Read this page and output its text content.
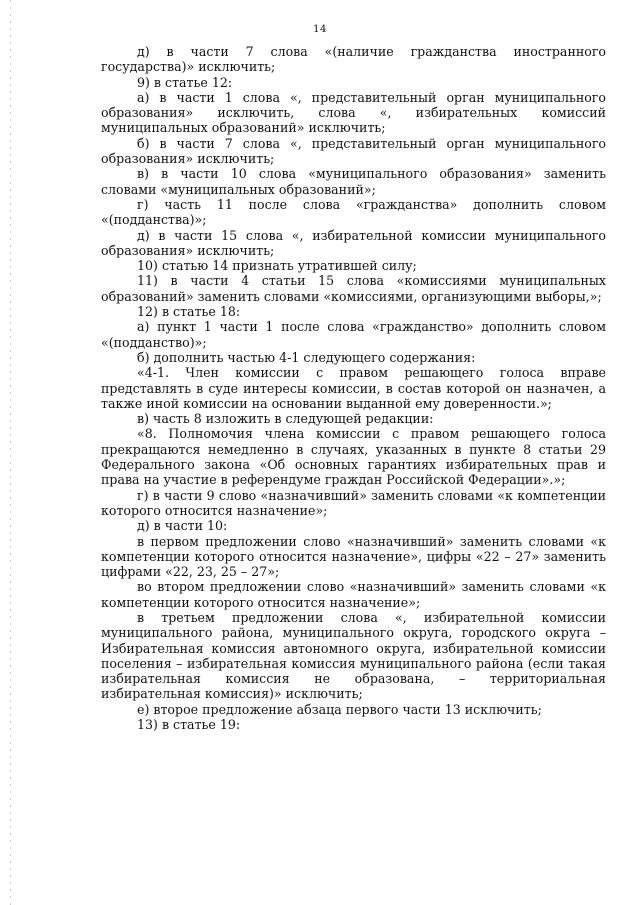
14

д) в части 7 слова «(наличие гражданства иностранного государства)» исключить;

9) в статье 12:

а) в части 1 слова «, представительный орган муниципального образования» исключить, слова «, избирательных комиссий муниципальных образований» исключить;

б) в части 7 слова «, представительный орган муниципального образования» исключить;

в) в части 10 слова «муниципального образования» заменить словами «муниципальных образований»;

г) часть 11 после слова «гражданства» дополнить словом «(подданства)»;

д) в части 15 слова «, избирательной комиссии муниципального образования» исключить;

10) статью 14 признать утратившей силу;

11) в части 4 статьи 15 слова «комиссиями муниципальных образований» заменить словами «комиссиями, организующими выборы,»;

12) в статье 18:

а) пункт 1 части 1 после слова «гражданство» дополнить словом «(подданство)»;

б) дополнить частью 4-1 следующего содержания:

«4-1. Член комиссии с правом решающего голоса вправе представлять в суде интересы комиссии, в состав которой он назначен, а также иной комиссии на основании выданной ему доверенности.»;

в) часть 8 изложить в следующей редакции:

«8. Полномочия члена комиссии с правом решающего голоса прекращаются немедленно в случаях, указанных в пункте 8 статьи 29 Федерального закона «Об основных гарантиях избирательных прав и права на участие в референдуме граждан Российской Федерации».»;

г) в части 9 слово «назначивший» заменить словами «к компетенции которого относится назначение»;

д) в части 10:

в первом предложении слово «назначивший» заменить словами «к компетенции которого относится назначение», цифры «22 – 27» заменить цифрами «22, 23, 25 – 27»;

во втором предложении слово «назначивший» заменить словами «к компетенции которого относится назначение»;

в третьем предложении слова «, избирательной комиссии муниципального района, муниципального округа, городского округа – Избирательная комиссия автономного округа, избирательной комиссии поселения – избирательная комиссия муниципального района (если такая избирательная комиссия не образована, – территориальная избирательная комиссия)» исключить;

е) второе предложение абзаца первого части 13 исключить;

13) в статье 19:
